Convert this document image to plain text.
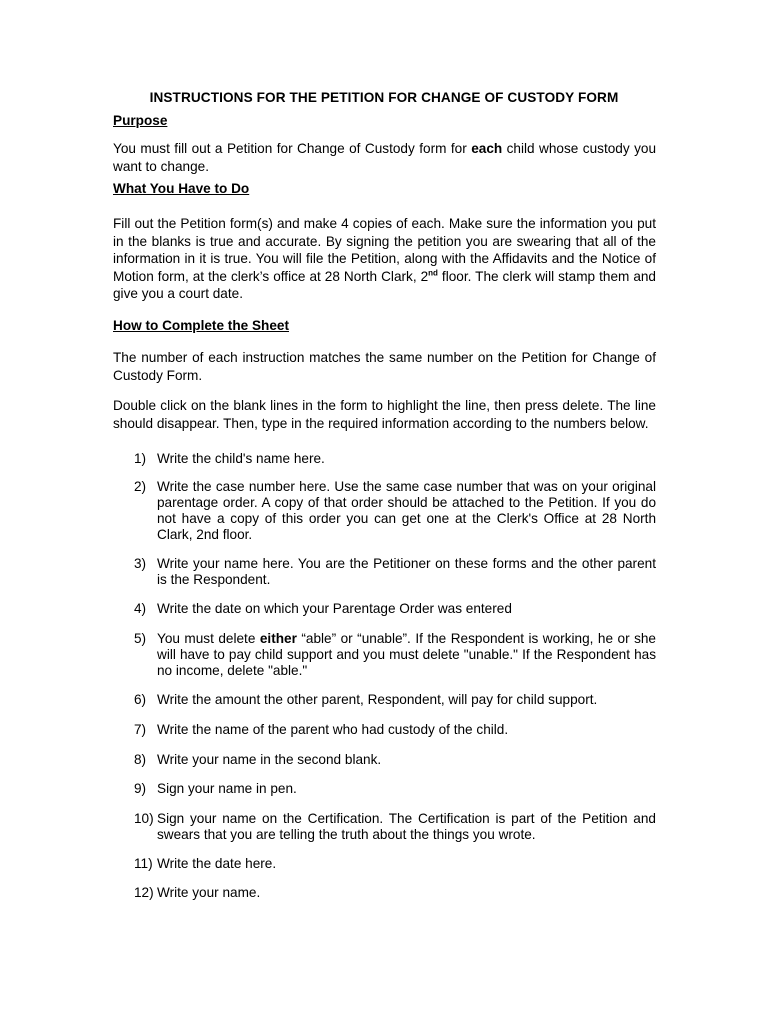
INSTRUCTIONS FOR THE PETITION FOR CHANGE OF CUSTODY FORM
Purpose
You must fill out a Petition for Change of Custody form for each child whose custody you want to change.
What You Have to Do
Fill out the Petition form(s) and make 4 copies of each. Make sure the information you put in the blanks is true and accurate. By signing the petition you are swearing that all of the information in it is true. You will file the Petition, along with the Affidavits and the Notice of Motion form, at the clerk’s office at 28 North Clark, 2nd floor. The clerk will stamp them and give you a court date.
How to Complete the Sheet
The number of each instruction matches the same number on the Petition for Change of Custody Form.
Double click on the blank lines in the form to highlight the line, then press delete. The line should disappear. Then, type in the required information according to the numbers below.
1) Write the child's name here.
2) Write the case number here. Use the same case number that was on your original parentage order. A copy of that order should be attached to the Petition. If you do not have a copy of this order you can get one at the Clerk's Office at 28 North Clark, 2nd floor.
3) Write your name here. You are the Petitioner on these forms and the other parent is the Respondent.
4) Write the date on which your Parentage Order was entered
5) You must delete either “able” or “unable”. If the Respondent is working, he or she will have to pay child support and you must delete "unable." If the Respondent has no income, delete "able."
6) Write the amount the other parent, Respondent, will pay for child support.
7) Write the name of the parent who had custody of the child.
8) Write your name in the second blank.
9) Sign your name in pen.
10) Sign your name on the Certification. The Certification is part of the Petition and swears that you are telling the truth about the things you wrote.
11) Write the date here.
12) Write your name.
